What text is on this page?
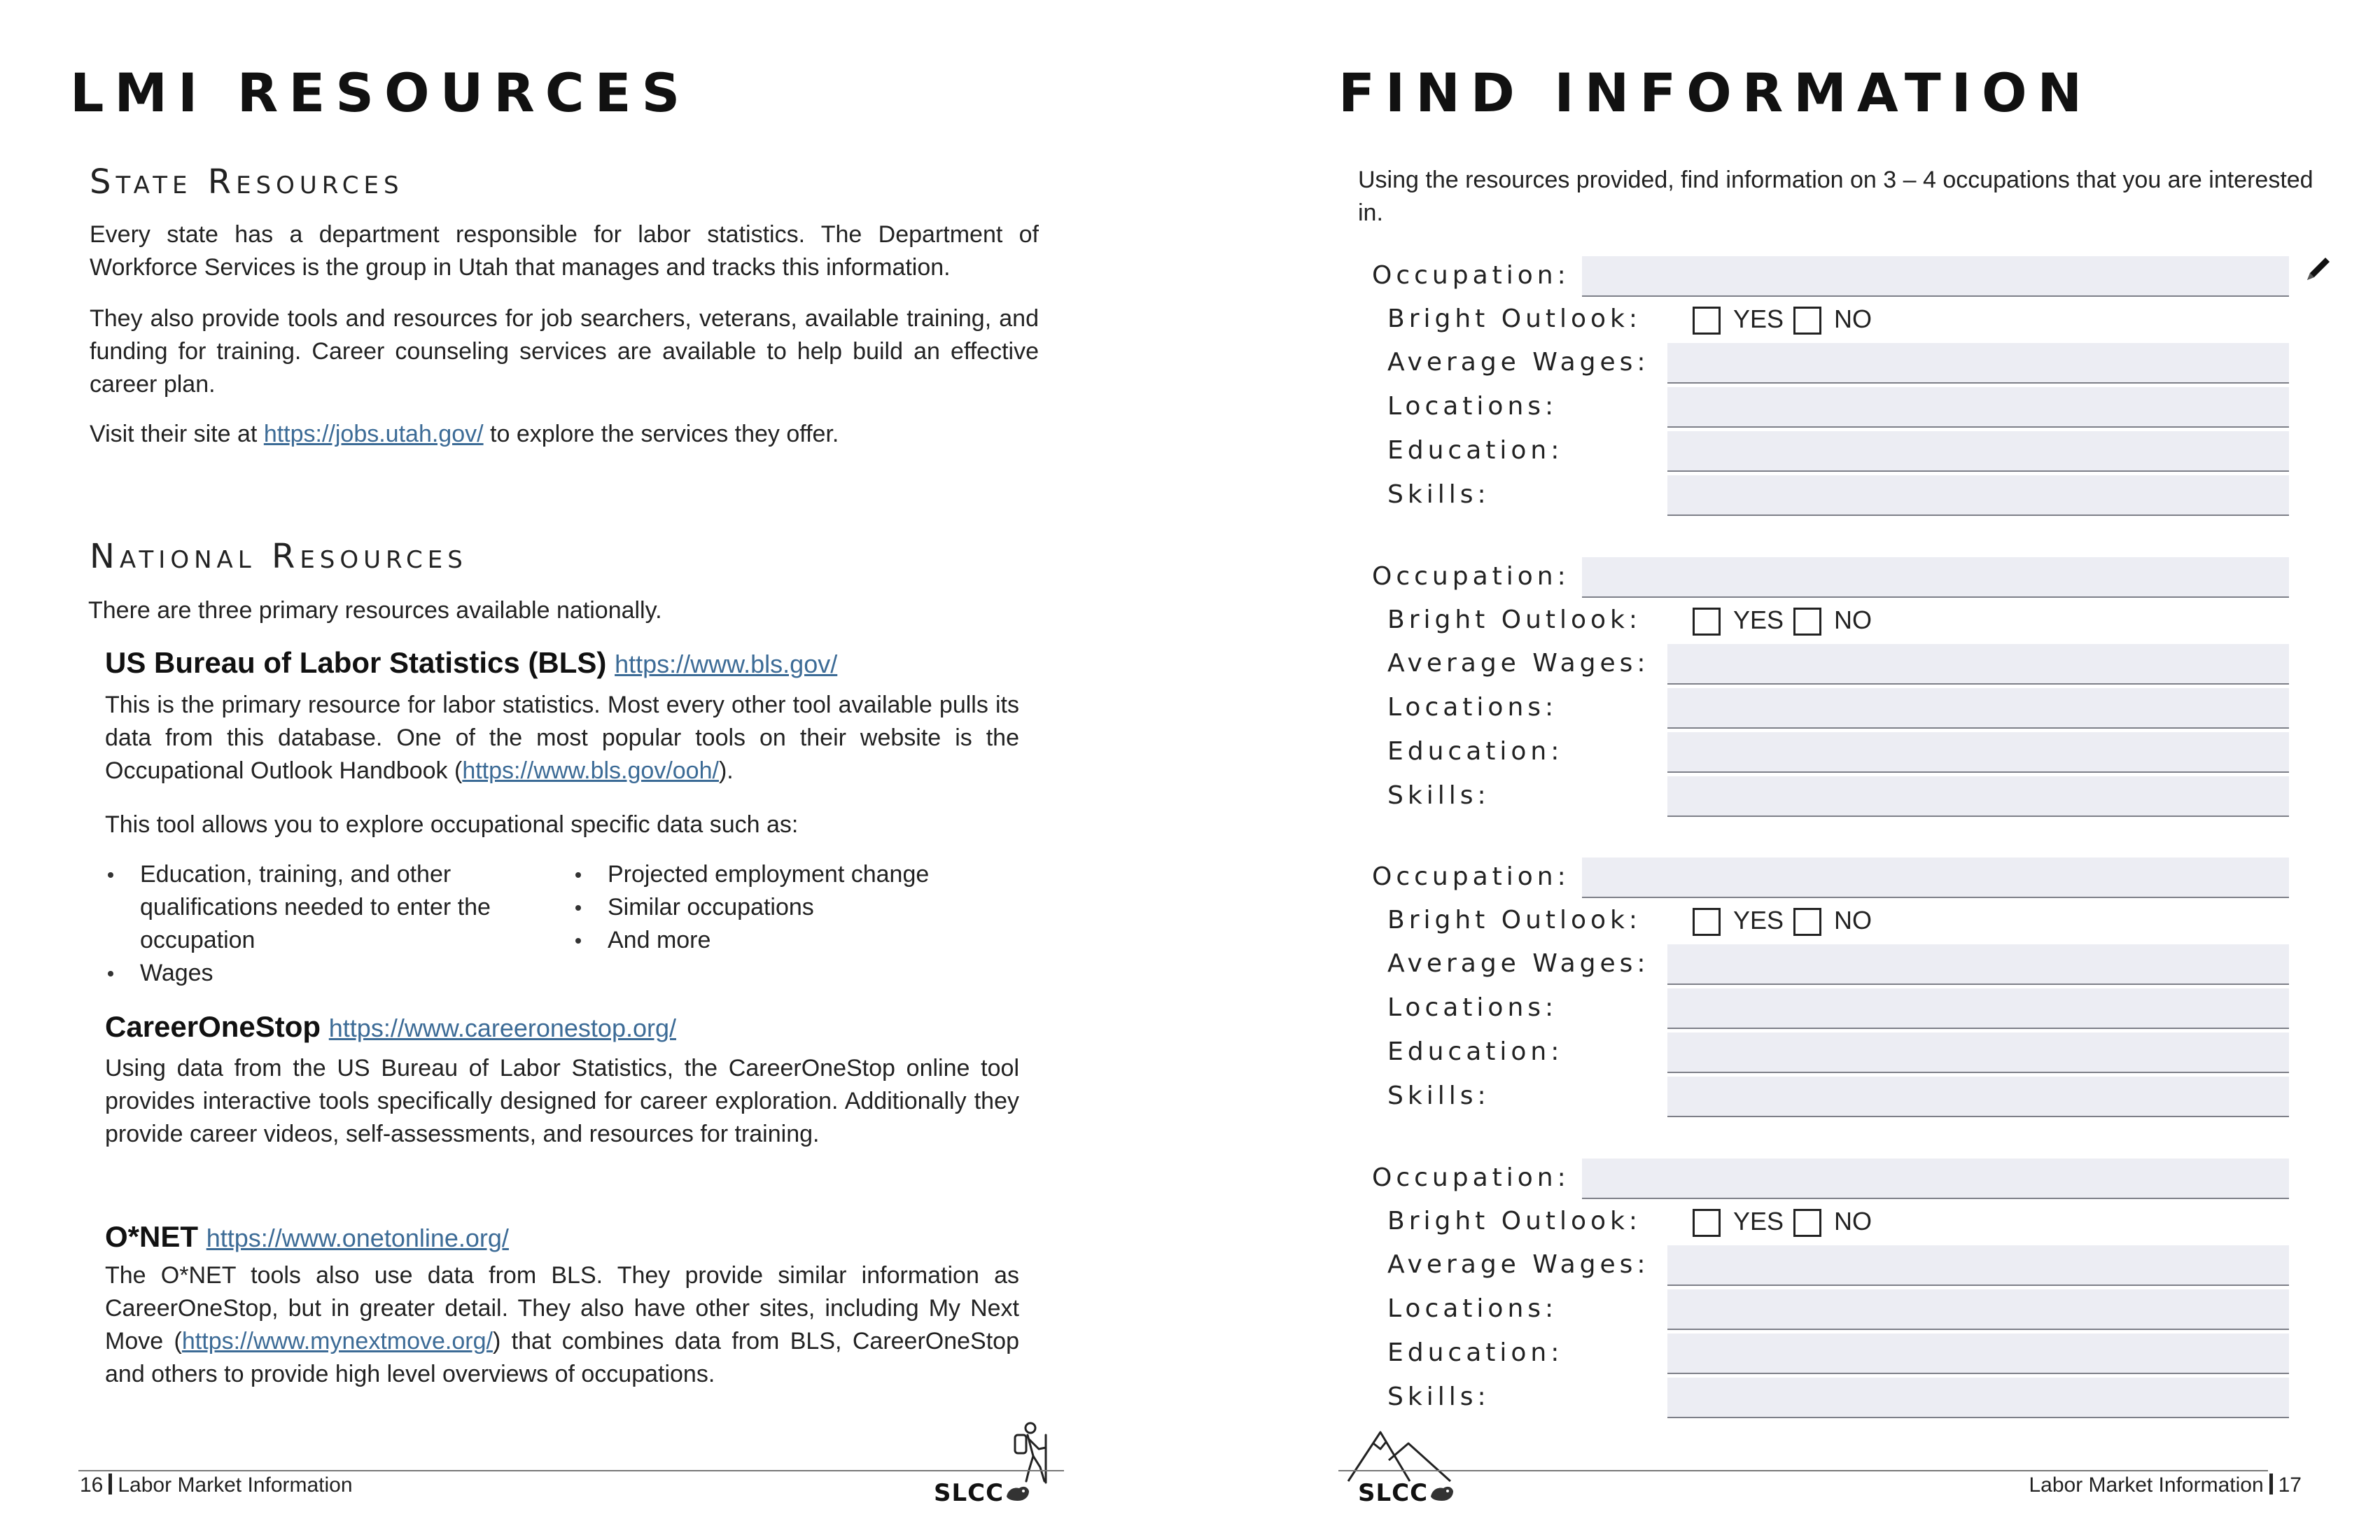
LMI RESOURCES
State Resources

Every state has a department responsible for labor statistics. The Department of Workforce Services is the group in Utah that manages and tracks this information.

They also provide tools and resources for job searchers, veterans, available training, and funding for training. Career counseling services are available to help build an effective career plan.

Visit their site at https://jobs.utah.gov/ to explore the services they offer.

National Resources

There are three primary resources available nationally.

US Bureau of Labor Statistics (BLS) https://www.bls.gov/

This is the primary resource for labor statistics. Most every other tool available pulls its data from this database. One of the most popular tools on their website is the Occupational Outlook Handbook (https://www.bls.gov/ooh/).

This tool allows you to explore occupational specific data such as:

Education, training, and other qualifications needed to enter the occupation
Wages
Projected employment change
Similar occupations
And more
CareerOneStop https://www.careeronestop.org/

Using data from the US Bureau of Labor Statistics, the CareerOneStop online tool provides interactive tools specifically designed for career exploration. Additionally they provide career videos, self-assessments, and resources for training.

O*NET https://www.onetonline.org/

The O*NET tools also use data from BLS. They provide similar information as CareerOneStop, but in greater detail. They also have other sites, including My Next Move (https://www.mynextmove.org/) that combines data from BLS, CareerOneStop and others to provide high level overviews of occupations.

16 Labor Market Information	SLCC
FIND INFORMATION

Using the resources provided, find information on 3 – 4 occupations that you are interested in.

Occupation:
Bright Outlook:	YES NO
Average Wages:
Locations:
Education:
Skills:
Occupation:
Bright Outlook:	YES NO
Average Wages:
Locations:
Education:
Skills:
Occupation:
Bright Outlook:	YES NO
Average Wages:
Locations:
Education:
Skills:
Occupation:
Bright Outlook:	YES NO
Average Wages:
Locations:
Education:
Skills:
SLCC	Labor Market Information 17
